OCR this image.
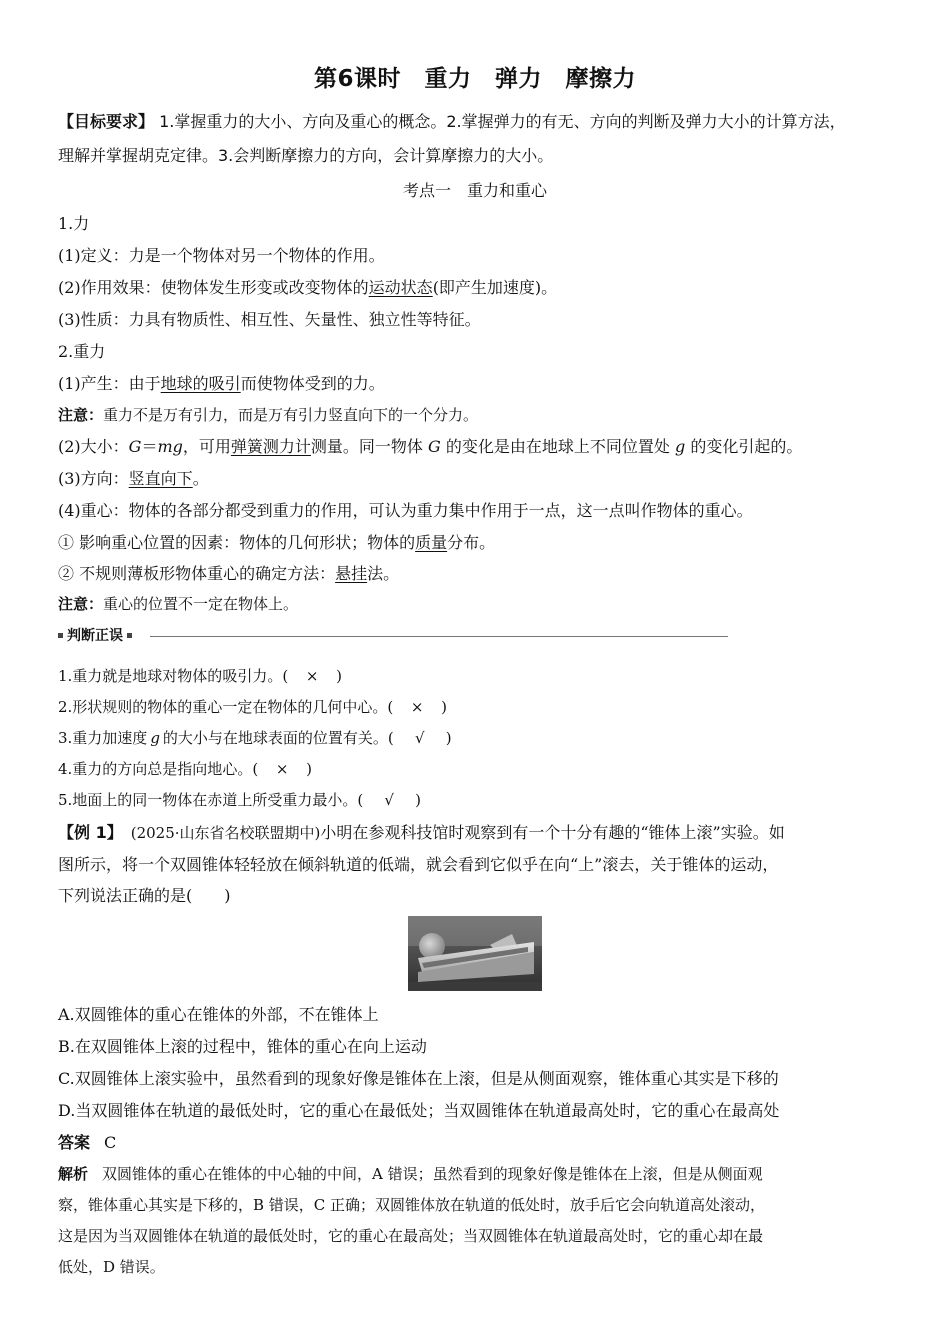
第6课时　重力　弹力　摩擦力
【目标要求】 1.掌握重力的大小、方向及重心的概念。2.掌握弹力的有无、方向的判断及弹力大小的计算方法，
理解并掌握胡克定律。3.会判断摩擦力的方向，会计算摩擦力的大小。
考点一　重力和重心
1.力
(1)定义：力是一个物体对另一个物体的作用。
(2)作用效果：使物体发生形变或改变物体的运动状态(即产生加速度)。
(3)性质：力具有物质性、相互性、矢量性、独立性等特征。
2.重力
(1)产生：由于地球的吸引而使物体受到的力。
注意：重力不是万有引力，而是万有引力竖直向下的一个分力。
(2)大小：G＝mg，可用弹簧测力计测量。同一物体 G 的变化是由在地球上不同位置处 g 的变化引起的。
(3)方向：竖直向下。
(4)重心：物体的各部分都受到重力的作用，可认为重力集中作用于一点，这一点叫作物体的重心。
① 影响重心位置的因素：物体的几何形状；物体的质量分布。
② 不规则薄板形物体重心的确定方法：悬挂法。
注意：重心的位置不一定在物体上。
判断正误
1.重力就是地球对物体的吸引力。( × )
2.形状规则的物体的重心一定在物体的几何中心。( × )
3.重力加速度 g 的大小与在地球表面的位置有关。( √ )
4.重力的方向总是指向地心。( × )
5.地面上的同一物体在赤道上所受重力最小。( √ )
【例 1】 (2025·山东省名校联盟期中)小明在参观科技馆时观察到有一个十分有趣的“锥体上滚”实验。如
图所示，将一个双圆锥体轻轻放在倾斜轨道的低端，就会看到它似乎在向“上”滚去，关于锥体的运动，
下列说法正确的是(　　)
A.双圆锥体的重心在锥体的外部，不在锥体上
B.在双圆锥体上滚的过程中，锥体的重心在向上运动
C.双圆锥体上滚实验中，虽然看到的现象好像是锥体在上滚，但是从侧面观察，锥体重心其实是下移的
D.当双圆锥体在轨道的最低处时，它的重心在最低处；当双圆锥体在轨道最高处时，它的重心在最高处
答案 C
解析 双圆锥体的重心在锥体的中心轴的中间，A 错误；虽然看到的现象好像是锥体在上滚，但是从侧面观
察，锥体重心其实是下移的，B 错误，C 正确；双圆锥体放在轨道的低处时，放手后它会向轨道高处滚动，
这是因为当双圆锥体在轨道的最低处时，它的重心在最高处；当双圆锥体在轨道最高处时，它的重心却在最
低处，D 错误。
